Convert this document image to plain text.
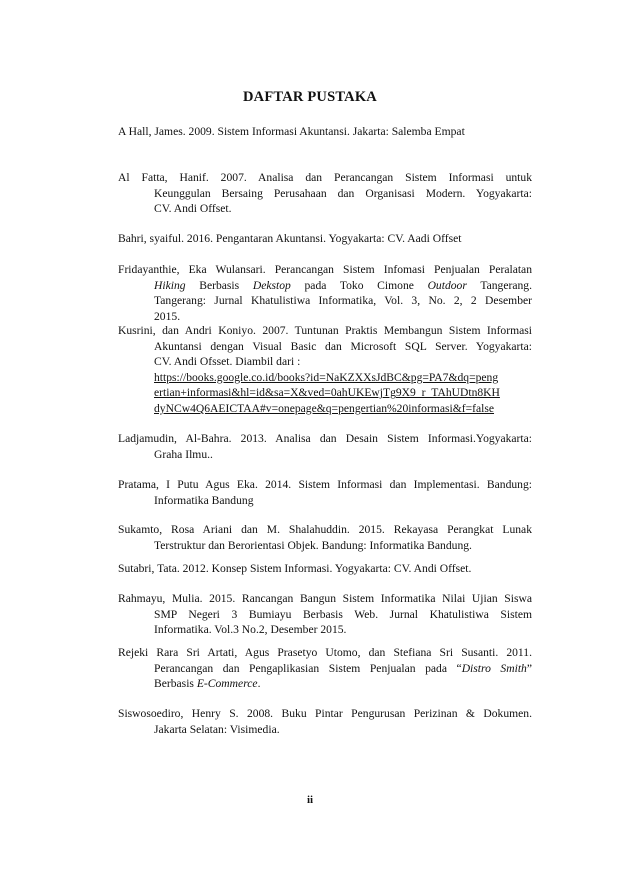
DAFTAR PUSTAKA
A Hall, James. 2009. Sistem Informasi Akuntansi. Jakarta: Salemba Empat
Al Fatta, Hanif. 2007. Analisa dan Perancangan Sistem Informasi untuk
Keunggulan Bersaing Perusahaan dan Organisasi Modern. Yogyakarta:
CV. Andi Offset.
Bahri, syaiful. 2016. Pengantaran Akuntansi. Yogyakarta: CV. Aadi Offset
Fridayanthie, Eka Wulansari. Perancangan Sistem Infomasi Penjualan Peralatan
Hiking Berbasis Dekstop pada Toko Cimone Outdoor Tangerang.
Tangerang: Jurnal Khatulistiwa Informatika, Vol. 3, No. 2, 2 Desember
2015.
Kusrini, dan Andri Koniyo. 2007. Tuntunan Praktis Membangun Sistem Informasi
Akuntansi dengan Visual Basic dan Microsoft SQL Server. Yogyakarta:
CV. Andi Ofsset. Diambil dari :
https://books.google.co.id/books?id=NaKZXXsJdBC&pg=PA7&dq=peng
ertian+informasi&hl=id&sa=X&ved=0ahUKEwjTg9X9_r_TAhUDtn8KH
dyNCw4Q6AEICTAA#v=onepage&q=pengertian%20informasi&f=false
Ladjamudin, Al-Bahra. 2013. Analisa dan Desain Sistem Informasi.Yogyakarta:
Graha Ilmu..
Pratama, I Putu Agus Eka. 2014. Sistem Informasi dan Implementasi. Bandung:
Informatika Bandung
Sukamto, Rosa Ariani dan M. Shalahuddin. 2015. Rekayasa Perangkat Lunak
Terstruktur dan Berorientasi Objek. Bandung: Informatika Bandung.
Sutabri, Tata. 2012. Konsep Sistem Informasi. Yogyakarta: CV. Andi Offset.
Rahmayu, Mulia. 2015. Rancangan Bangun Sistem Informatika Nilai Ujian Siswa
SMP Negeri 3 Bumiayu Berbasis Web. Jurnal Khatulistiwa Sistem
Informatika. Vol.3 No.2, Desember 2015.
Rejeki Rara Sri Artati, Agus Prasetyo Utomo, dan Stefiana Sri Susanti. 2011.
Perancangan dan Pengaplikasian Sistem Penjualan pada “Distro Smith”
Berbasis E-Commerce.
Siswosoediro, Henry S. 2008. Buku Pintar Pengurusan Perizinan & Dokumen.
Jakarta Selatan: Visimedia.
ii
